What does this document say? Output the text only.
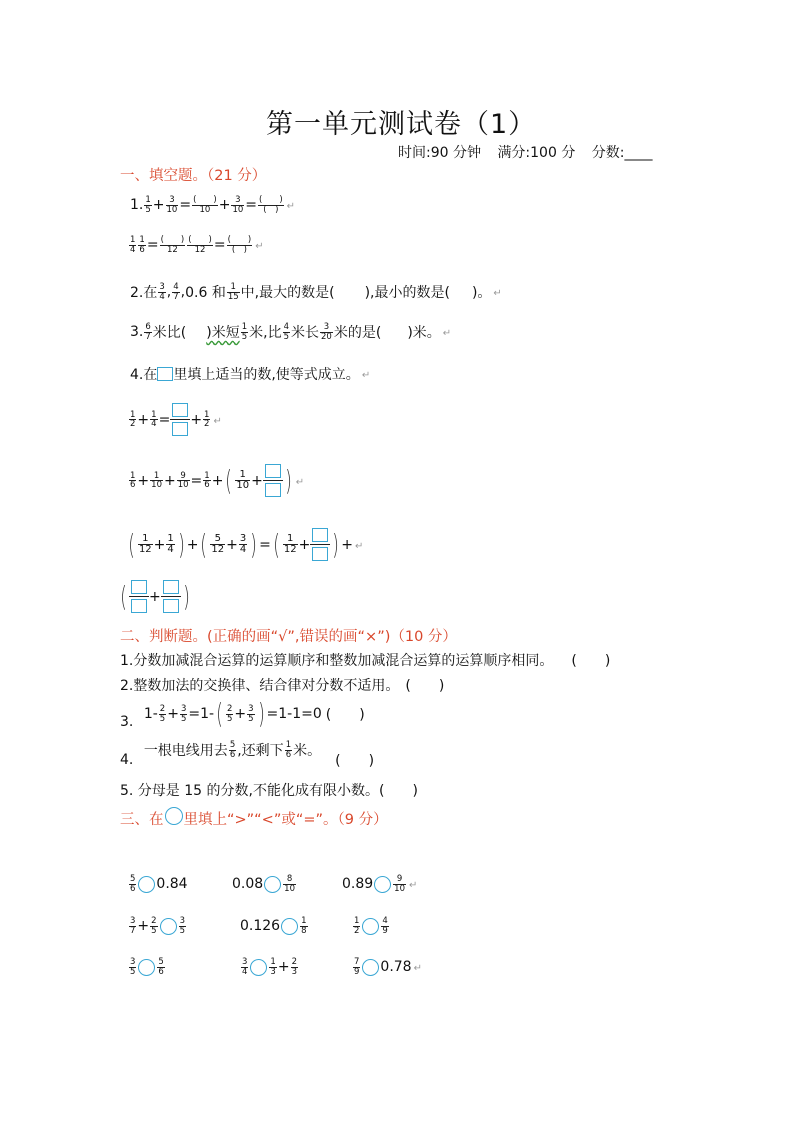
第一单元测试卷（1）
时间:90 分钟 满分:100 分 分数:____
一、填空题。（21 分）
1. $\frac{1}{5} + \frac{3}{10}$ = (　　)
$10 + \frac{3}{10}$ = (　　)
(　) ↵
$\frac{1}{4} \frac{1}{6}$ = (　　)
12
(　　)
12 = (　　)
(　) ↵
2.在 $\frac{3}{4}$ , $\frac{4}{7} ,0.6$ 和 $\frac{1}{15}$ 中,最大的数是( ),最小的数是( )。 ↵
3. $\frac{6}{7}$ 米比( )米短 $\frac{1}{5}$ 米,比 $\frac{4}{5}$ 米长 $\frac{3}{20}$ 米的是( )米。 ↵
4.在 里填上适当的数,使等式成立。 ↵
$\frac{1}{2} + \frac{1}{4}$ = + $\frac{1}{2}$ ↵
$\frac{1}{6} + \frac{1}{10} + \frac{9}{10} = \frac{1}{6}$ +( $\frac{1}{10}$ + ) ↵
( $\frac{1}{12} + \frac{1}{4}$ ) +( $\frac{5}{12} + \frac{3}{4}$ ) =( $\frac{1}{12}$ + ) + ↵
( + )
二、判断题。(正确的画“√”,错误的画“×”)（10 分）
1.分数加减混合运算的运算顺序和整数加减混合运算的运算顺序相同。 (　　)
2.整数加法的交换律、结合律对分数不适用。 (　　)
3. $1- \frac{2}{5} + \frac{3}{5} =1-( \frac{2}{5} + \frac{3}{5}$ ) =1-1=0 (　　)
4. 一根电线用去 $\frac{5}{6}$ ,还剩下 $\frac{1}{6}$ 米。(　　)
5. 分母是 15 的分数,不能化成有限小数。(　　)
三、在 里填上“>”“<”或“=”。（9 分）
$\frac{5}{6} 0.84$	$0.08 \frac{8}{10}$	$0.89 \frac{9}{10}$ ↵
$\frac{3}{7} + \frac{2}{5} \frac{3}{5}$	$0.126 \frac{1}{8}$	$\frac{1}{2} \frac{4}{9}$
$\frac{3}{5} \frac{5}{6}$	$\frac{3}{4} \frac{1}{3} + \frac{2}{3}$	$\frac{7}{9} 0.78$ ↵
